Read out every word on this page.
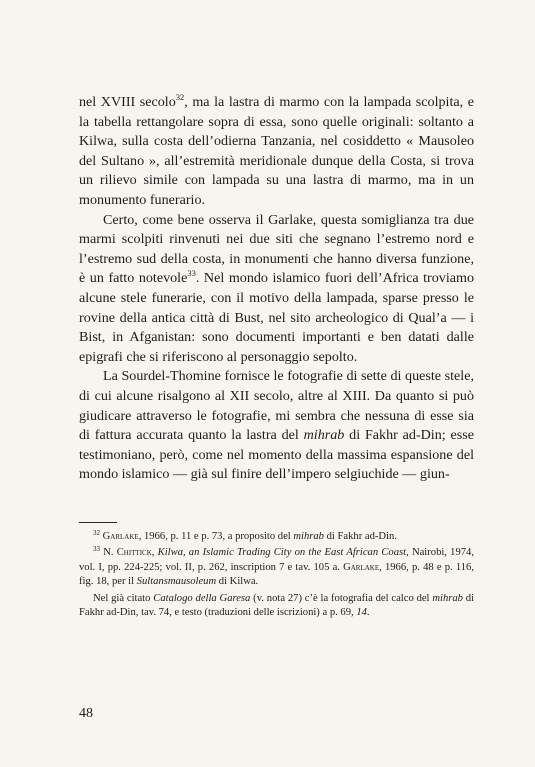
nel XVIII secolo$^{32}$, ma la lastra di marmo con la lampada scolpita, e la tabella rettangolare sopra di essa, sono quelle originali: soltanto a Kilwa, sulla costa dell’odierna Tanzania, nel cosiddetto « Mausoleo del Sultano », all’estremità meridionale dunque della Costa, si trova un rilievo simile con lampada su una lastra di marmo, ma in un monumento funerario.

Certo, come bene osserva il Garlake, questa somiglianza tra due marmi scolpiti rinvenuti nei due siti che segnano l’estremo nord e l’estremo sud della costa, in monumenti che hanno diversa funzione, è un fatto notevole$^{33}$. Nel mondo islamico fuori dell’Africa troviamo alcune stele funerarie, con il motivo della lampada, sparse presso le rovine della antica città di Bust, nel sito archeologico di Qual’a — i Bist, in Afganistan: sono documenti importanti e ben datati dalle epigrafi che si riferiscono al personaggio sepolto.

La Sourdel-Thomine fornisce le fotografie di sette di queste stele, di cui alcune risalgono al XII secolo, altre al XIII. Da quanto si può giudicare attraverso le fotografie, mi sembra che nessuna di esse sia di fattura accurata quanto la lastra del mihrab di Fakhr ad-Din; esse testimoniano, però, come nel momento della massima espansione del mondo islamico — già sul finire dell’impero selgiuchide — giun-

$^{32}$ Garlake, 1966, p. 11 e p. 73, a proposito del mihrab di Fakhr ad-Din.

$^{33}$ N. Chittick, Kilwa, an Islamic Trading City on the East African Coast, Nairobi, 1974, vol. I, pp. 224-225; vol. II, p. 262, inscription 7 e tav. 105 a. Garlake, 1966, p. 48 e p. 116, fig. 18, per il Sultansmausoleum di Kilwa.

Nel già citato Catalogo della Garesa (v. nota 27) c’è la fotografia del calco del mihrab di Fakhr ad-Din, tav. 74, e testo (traduzioni delle iscrizioni) a p. 69, 14.

48
